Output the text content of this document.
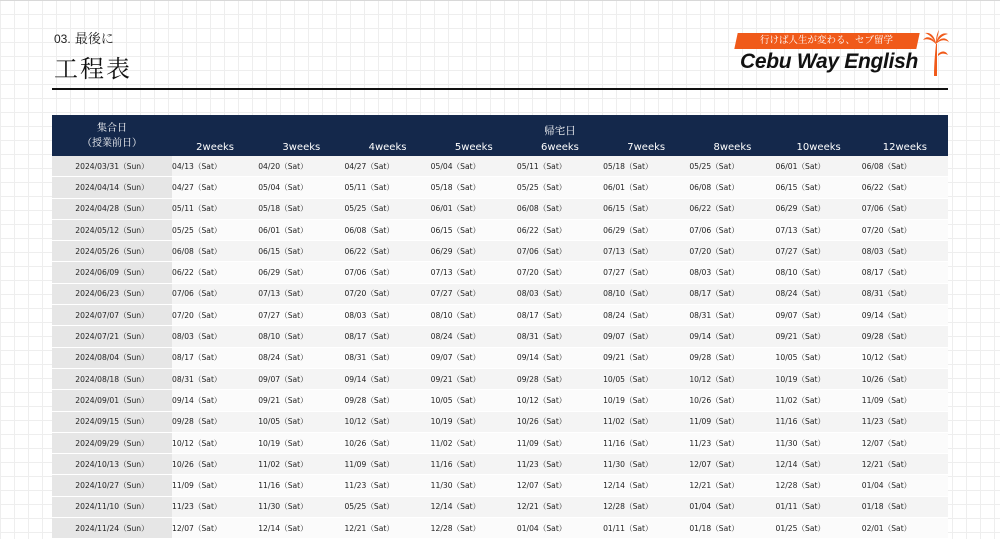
03. 最後に
工程表
行けば人生が変わる、セブ留学
Cebu Way English
集合日
（授業前日）	帰宅日								
	2weeks	3weeks	4weeks	5weeks	6weeks	7weeks	8weeks	10weeks	12weeks
2024/03/31（Sun）	04/13（Sat）	04/20（Sat）	04/27（Sat）	05/04（Sat）	05/11（Sat）	05/18（Sat）	05/25（Sat）	06/01（Sat）	06/08（Sat）
2024/04/14（Sun）	04/27（Sat）	05/04（Sat）	05/11（Sat）	05/18（Sat）	05/25（Sat）	06/01（Sat）	06/08（Sat）	06/15（Sat）	06/22（Sat）
2024/04/28（Sun）	05/11（Sat）	05/18（Sat）	05/25（Sat）	06/01（Sat）	06/08（Sat）	06/15（Sat）	06/22（Sat）	06/29（Sat）	07/06（Sat）
2024/05/12（Sun）	05/25（Sat）	06/01（Sat）	06/08（Sat）	06/15（Sat）	06/22（Sat）	06/29（Sat）	07/06（Sat）	07/13（Sat）	07/20（Sat）
2024/05/26（Sun）	06/08（Sat）	06/15（Sat）	06/22（Sat）	06/29（Sat）	07/06（Sat）	07/13（Sat）	07/20（Sat）	07/27（Sat）	08/03（Sat）
2024/06/09（Sun）	06/22（Sat）	06/29（Sat）	07/06（Sat）	07/13（Sat）	07/20（Sat）	07/27（Sat）	08/03（Sat）	08/10（Sat）	08/17（Sat）
2024/06/23（Sun）	07/06（Sat）	07/13（Sat）	07/20（Sat）	07/27（Sat）	08/03（Sat）	08/10（Sat）	08/17（Sat）	08/24（Sat）	08/31（Sat）
2024/07/07（Sun）	07/20（Sat）	07/27（Sat）	08/03（Sat）	08/10（Sat）	08/17（Sat）	08/24（Sat）	08/31（Sat）	09/07（Sat）	09/14（Sat）
2024/07/21（Sun）	08/03（Sat）	08/10（Sat）	08/17（Sat）	08/24（Sat）	08/31（Sat）	09/07（Sat）	09/14（Sat）	09/21（Sat）	09/28（Sat）
2024/08/04（Sun）	08/17（Sat）	08/24（Sat）	08/31（Sat）	09/07（Sat）	09/14（Sat）	09/21（Sat）	09/28（Sat）	10/05（Sat）	10/12（Sat）
2024/08/18（Sun）	08/31（Sat）	09/07（Sat）	09/14（Sat）	09/21（Sat）	09/28（Sat）	10/05（Sat）	10/12（Sat）	10/19（Sat）	10/26（Sat）
2024/09/01（Sun）	09/14（Sat）	09/21（Sat）	09/28（Sat）	10/05（Sat）	10/12（Sat）	10/19（Sat）	10/26（Sat）	11/02（Sat）	11/09（Sat）
2024/09/15（Sun）	09/28（Sat）	10/05（Sat）	10/12（Sat）	10/19（Sat）	10/26（Sat）	11/02（Sat）	11/09（Sat）	11/16（Sat）	11/23（Sat）
2024/09/29（Sun）	10/12（Sat）	10/19（Sat）	10/26（Sat）	11/02（Sat）	11/09（Sat）	11/16（Sat）	11/23（Sat）	11/30（Sat）	12/07（Sat）
2024/10/13（Sun）	10/26（Sat）	11/02（Sat）	11/09（Sat）	11/16（Sat）	11/23（Sat）	11/30（Sat）	12/07（Sat）	12/14（Sat）	12/21（Sat）
2024/10/27（Sun）	11/09（Sat）	11/16（Sat）	11/23（Sat）	11/30（Sat）	12/07（Sat）	12/14（Sat）	12/21（Sat）	12/28（Sat）	01/04（Sat）
2024/11/10（Sun）	11/23（Sat）	11/30（Sat）	05/25（Sat）	12/14（Sat）	12/21（Sat）	12/28（Sat）	01/04（Sat）	01/11（Sat）	01/18（Sat）
2024/11/24（Sun）	12/07（Sat）	12/14（Sat）	12/21（Sat）	12/28（Sat）	01/04（Sat）	01/11（Sat）	01/18（Sat）	01/25（Sat）	02/01（Sat）
